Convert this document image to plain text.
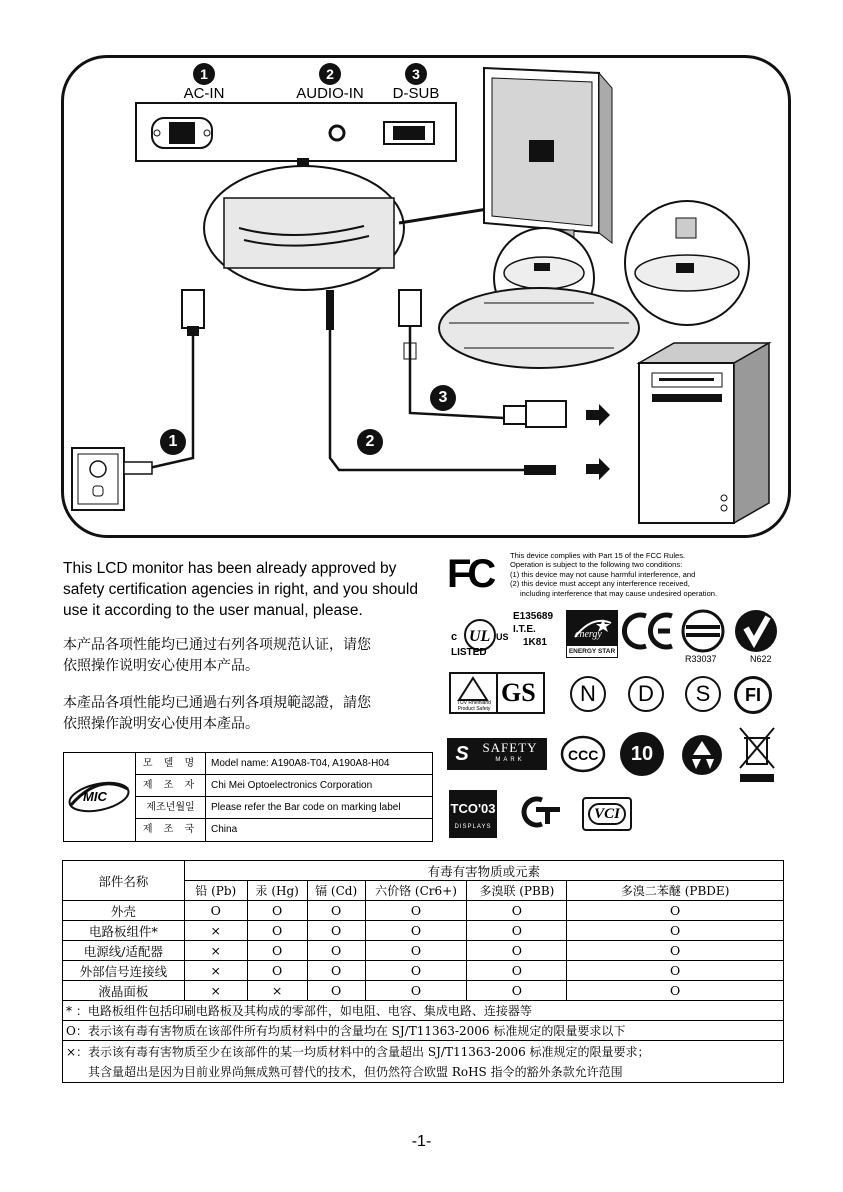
1	2	3
AC-IN	AUDIO-IN	D-SUB
1	2
3
This LCD monitor has been already approved by safety certification agencies in right, and you should use it according to the user manual, please.
本产品各项性能均已通过右列各项规范认证，请您
依照操作说明安心使用本产品。
本產品各項性能均已通過右列各項規範認證，請您
依照操作說明安心使用本產品。
FC	This device complies with Part 15 of the FCC Rules.
Operation is subject to the following two conditions:
(1) this device may not cause harmful interference, and
(2) this device must accept any interference received,
including interference that may cause undesired operation.
c UL US
LISTED
E135689
I.T.E.
1K81
energy
ENERGY STAR
R33037	N622
TÜV Rheinland Product Safety
GS	N	D	S	FI
S	SAFETY
MARK	CCC	10
TCO'03
DISPLAYS
VCI
MIC
모 델 명	Model name: A190A8-T04, A190A8-H04
제 조 자	Chi Mei Optoelectronics Corporation
제조년월일	Please refer the Bar code on marking label
제 조 국	China
部件名称	有毒有害物质或元素					
	铅 (Pb)	汞 (Hg)	镉 (Cd)	六价铬 (Cr6+)	多溴联 (PBB)	多溴二苯醚 (PBDE)
外壳	O	O	O	O	O	O
电路板组件*	×	O	O	O	O	O
电源线/适配器	×	O	O	O	O	O
外部信号连接线	×	O	O	O	O	O
液晶面板	×	×	O	O	O	O
* ：电路板组件包括印刷电路板及其构成的零部件，如电阻、电容、集成电路、连接器等						
O：表示该有毒有害物质在该部件所有均质材料中的含量均在 SJ/T11363-2006 标准规定的限量要求以下						

×：表示该有毒有害物质至少在该部件的某一均质材料中的含量超出 SJ/T11363-2006 标准规定的限量要求；
其含量超出是因为目前业界尚無成熟可替代的技术，但仍然符合欧盟 RoHS 指令的豁外条款允许范围						
-1-
